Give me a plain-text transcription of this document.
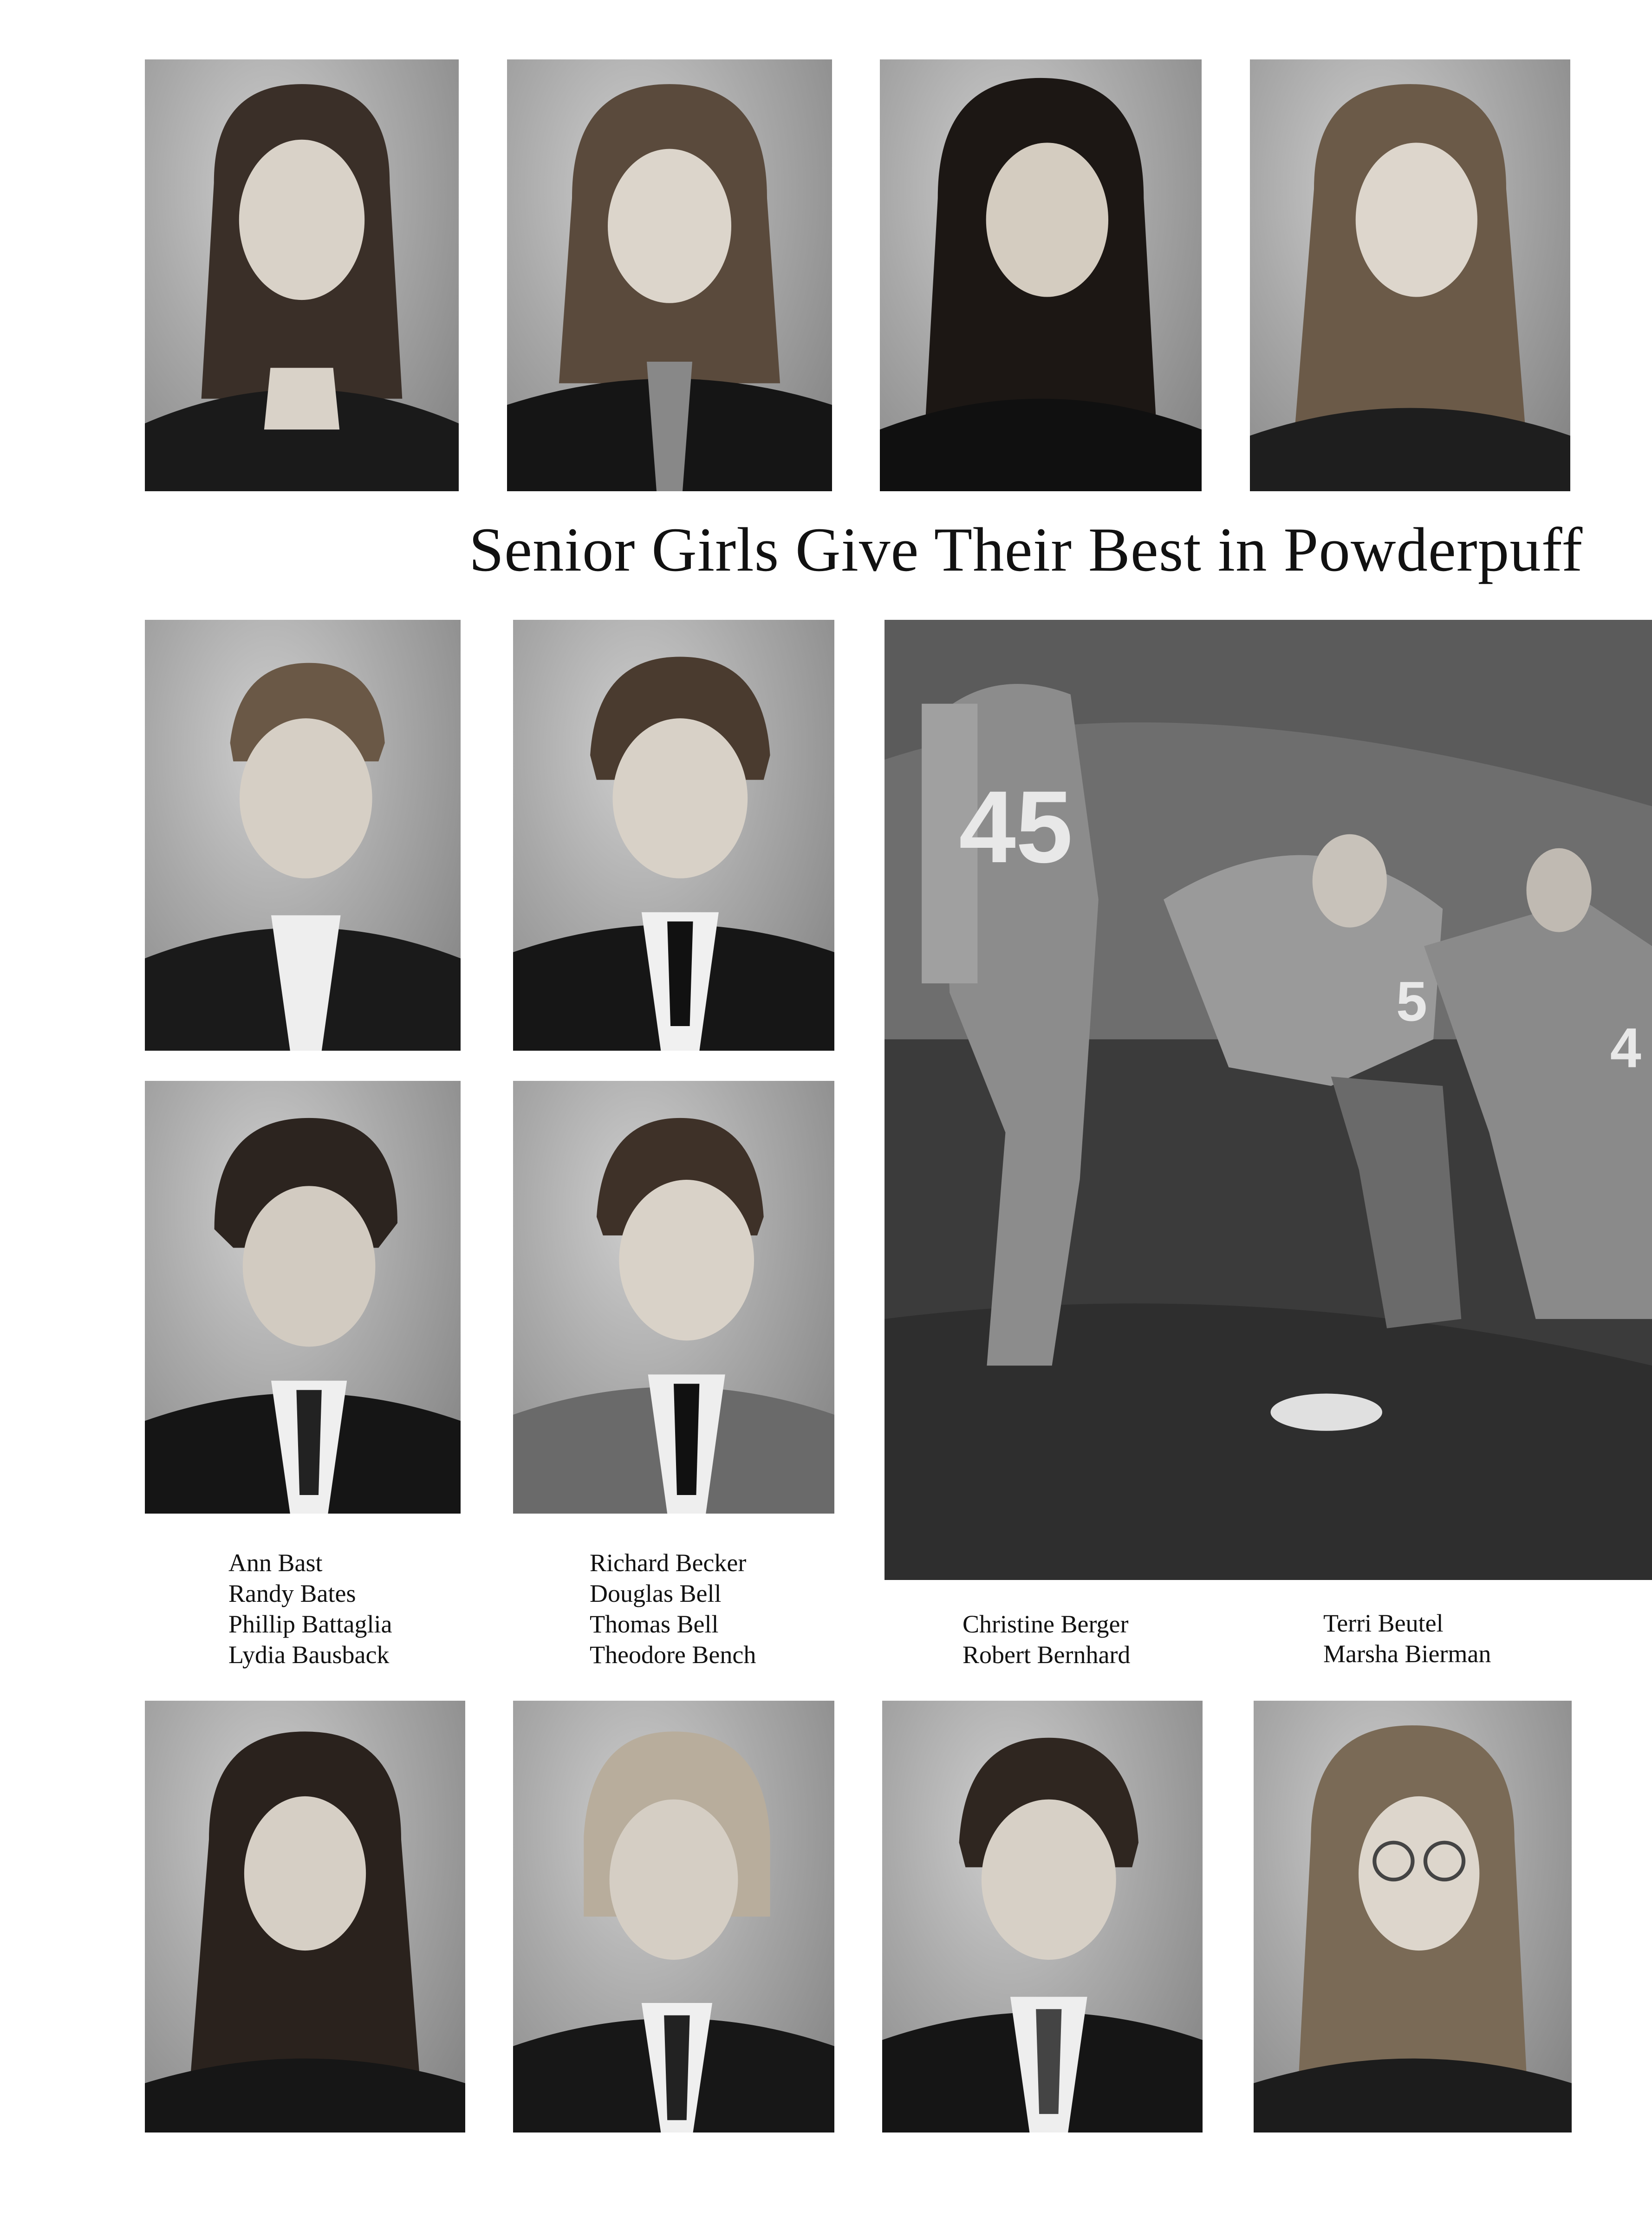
Senior Girls Give Their Best in Powderpuff
45
5
4
Ann Bast
Randy Bates
Phillip Battaglia
Lydia Bausback
Richard Becker
Douglas Bell
Thomas Bell
Theodore Bench
Christine Berger
Robert Bernhard
Terri Beutel
Marsha Bierman
